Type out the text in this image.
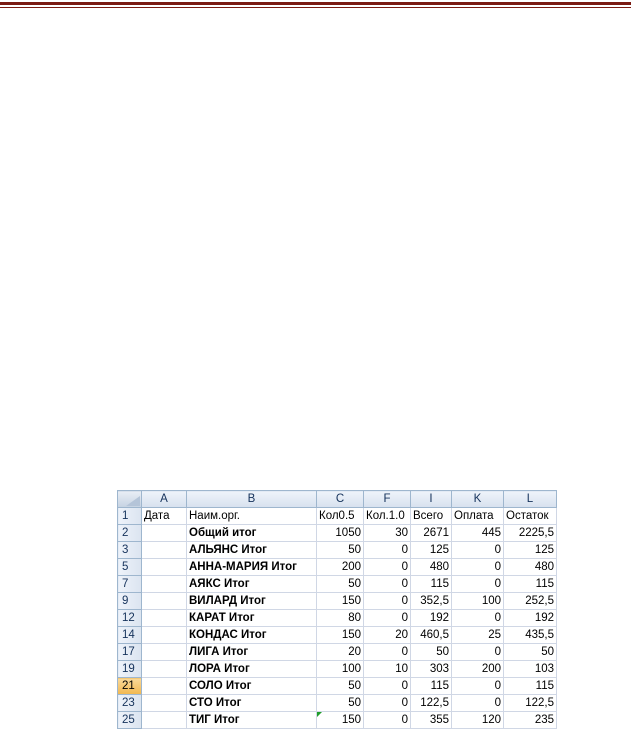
	A	B	C	F	I	K	L
1	Дата	Наим.орг.	Кол0.5	Кол.1.0	Всего	Оплата	Остаток
2		Общий итог	1050	30	2671	445	2225,5
3		АЛЬЯНС Итог	50	0	125	0	125
5		АННА-МАРИЯ Итог	200	0	480	0	480
7		АЯКС Итог	50	0	115	0	115
9		ВИЛАРД Итог	150	0	352,5	100	252,5
12		КАРАТ Итог	80	0	192	0	192
14		КОНДАС Итог	150	20	460,5	25	435,5
17		ЛИГА Итог	20	0	50	0	50
19		ЛОРА Итог	100	10	303	200	103
21		СОЛО Итог	50	0	115	0	115
23		СТО Итог	50	0	122,5	0	122,5
25		ТИГ Итог	150	0	355	120	235
